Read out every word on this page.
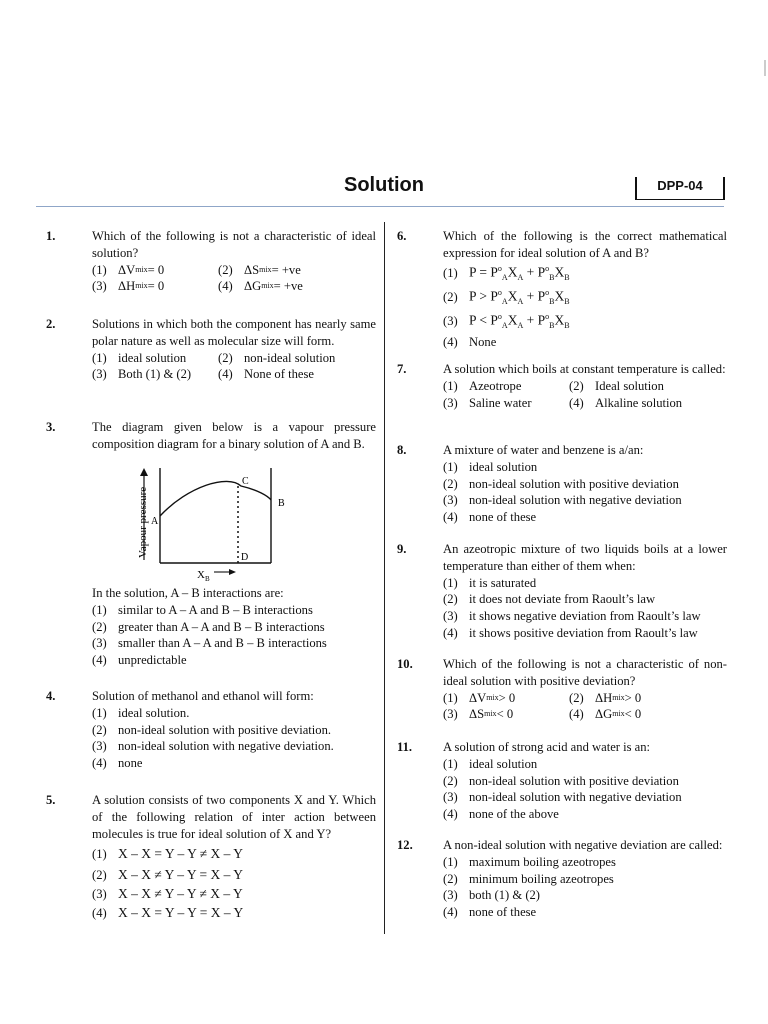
Solution	DPP-04
1.	Which of the following is not a characteristic of ideal solution?

(1) ΔV mix = 0	(2) ΔS mix = +ve
(3) ΔH mix = 0	(4) ΔG mix = +ve
2.	Solutions in which both the component has nearly same polar nature as well as molecular size will form.

(1) ideal solution	(2) non-ideal solution
(3) Both (1) & (2) (4) None of these
3.	The diagram given below is a vapour pressure composition diagram for a binary solution of A and B.

Vapour pressure A
B
C
D
X B

In the solution, A – B interactions are:

(1) similar to A – A and B – B interactions
(2) greater than A – A and B – B interactions
(3) smaller than A – A and B – B interactions
(4) unpredictable
4.	Solution of methanol and ethanol will form:

(1) ideal solution.
(2) non-ideal solution with positive deviation.
(3) non-ideal solution with negative deviation.
(4) none
5.	A solution consists of two components X and Y. Which of the following relation of inter action between molecules is true for ideal solution of X and Y?

(1) X – X = Y – Y ≠ X – Y
(2) X – X ≠ Y – Y = X – Y
(3) X – X ≠ Y – Y ≠ X – Y
(4) X – X = Y – Y = X – Y
6.	Which of the following is the correct mathematical expression for ideal solution of A and B?

(1) $P = P^o_AX_A + P^o_BX_B$
(2) $P > P^o_AX_A + P^o_BX_B$
(3) $P < P^o_AX_A + P^o_BX_B$
(4) None
7.	A solution which boils at constant temperature is called:

(1) Azeotrope	(2) Ideal solution
(3) Saline water	(4) Alkaline solution
8.	A mixture of water and benzene is a/an:

(1) ideal solution
(2) non-ideal solution with positive deviation
(3) non-ideal solution with negative deviation
(4) none of these
9.	An azeotropic mixture of two liquids boils at a lower temperature than either of them when:

(1) it is saturated
(2) it does not deviate from Raoult’s law
(3) it shows negative deviation from Raoult’s law
(4) it shows positive deviation from Raoult’s law
10. Which of the following is not a characteristic of non-ideal solution with positive deviation?

(1) ΔV mix > 0	(2) ΔH mix > 0
(3) ΔS mix < 0	(4) ΔG mix < 0
11. A solution of strong acid and water is an:

(1) ideal solution
(2) non-ideal solution with positive deviation
(3) non-ideal solution with negative deviation
(4) none of the above
12. A non-ideal solution with negative deviation are called:

(1) maximum boiling azeotropes
(2) minimum boiling azeotropes
(3) both (1) & (2)
(4) none of these
